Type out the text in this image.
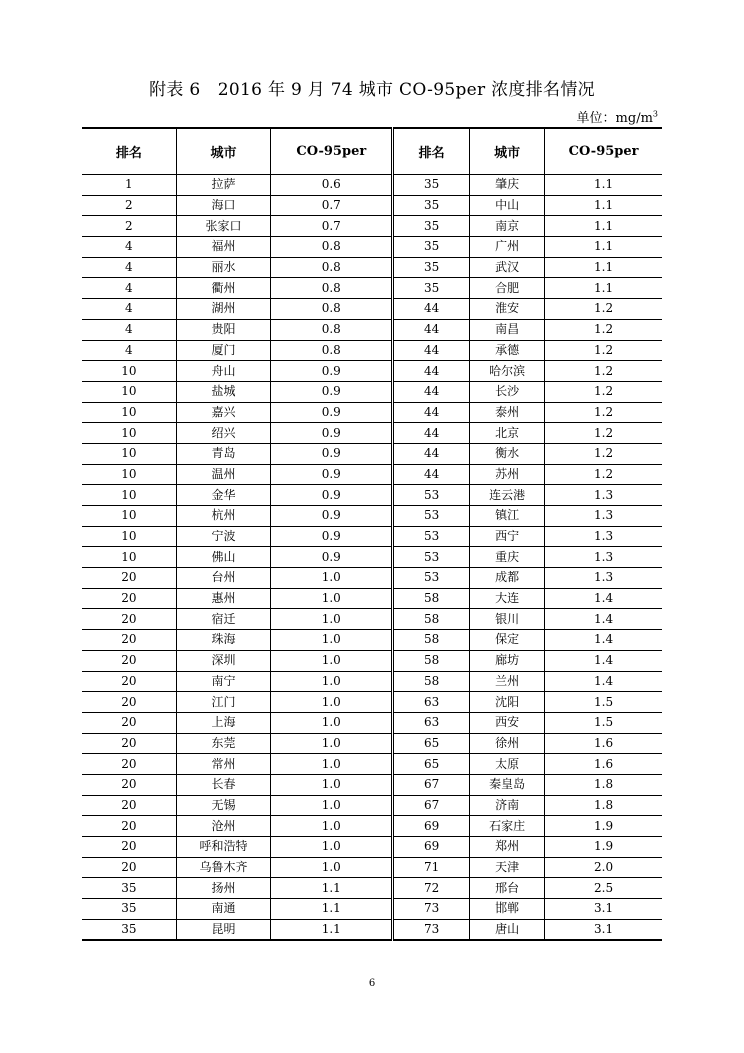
附表 6　2016 年 9 月 74 城市 CO-95per 浓度排名情况
单位：$mg/m^3$
排名	城市	CO-95per	排名	城市	CO-95per
1	拉萨	0.6	35	肇庆	1.1
2	海口	0.7	35	中山	1.1
2	张家口	0.7	35	南京	1.1
4	福州	0.8	35	广州	1.1
4	丽水	0.8	35	武汉	1.1
4	衢州	0.8	35	合肥	1.1
4	湖州	0.8	44	淮安	1.2
4	贵阳	0.8	44	南昌	1.2
4	厦门	0.8	44	承德	1.2
10	舟山	0.9	44	哈尔滨	1.2
10	盐城	0.9	44	长沙	1.2
10	嘉兴	0.9	44	泰州	1.2
10	绍兴	0.9	44	北京	1.2
10	青岛	0.9	44	衡水	1.2
10	温州	0.9	44	苏州	1.2
10	金华	0.9	53	连云港	1.3
10	杭州	0.9	53	镇江	1.3
10	宁波	0.9	53	西宁	1.3
10	佛山	0.9	53	重庆	1.3
20	台州	1.0	53	成都	1.3
20	惠州	1.0	58	大连	1.4
20	宿迁	1.0	58	银川	1.4
20	珠海	1.0	58	保定	1.4
20	深圳	1.0	58	廊坊	1.4
20	南宁	1.0	58	兰州	1.4
20	江门	1.0	63	沈阳	1.5
20	上海	1.0	63	西安	1.5
20	东莞	1.0	65	徐州	1.6
20	常州	1.0	65	太原	1.6
20	长春	1.0	67	秦皇岛	1.8
20	无锡	1.0	67	济南	1.8
20	沧州	1.0	69	石家庄	1.9
20	呼和浩特	1.0	69	郑州	1.9
20	乌鲁木齐	1.0	71	天津	2.0
35	扬州	1.1	72	邢台	2.5
35	南通	1.1	73	邯郸	3.1
35	昆明	1.1	73	唐山	3.1
6
